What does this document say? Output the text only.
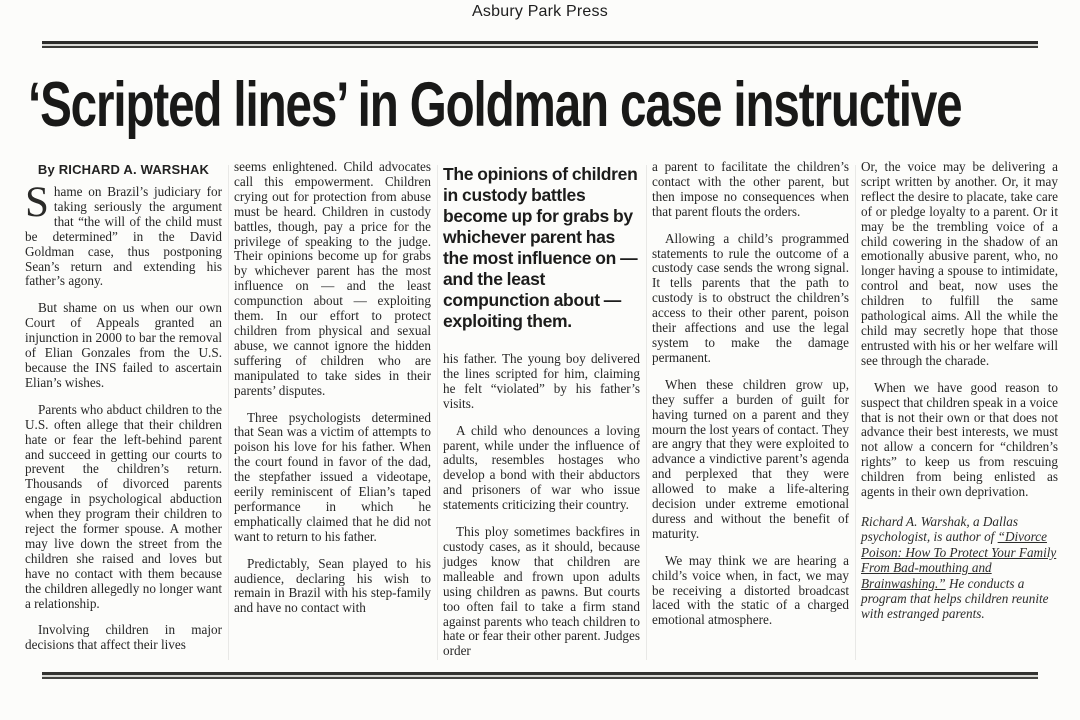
Asbury Park Press
‘Scripted lines’ in Goldman case instructive
By RICHARD A. WARSHAK

Shame on Brazil’s judiciary for taking seriously the argument that “the will of the child must be determined” in the David Goldman case, thus postponing Sean’s return and extending his father’s agony.

But shame on us when our own Court of Appeals granted an injunction in 2000 to bar the removal of Elian Gonzales from the U.S. because the INS failed to ascertain Elian’s wishes.

Parents who abduct children to the U.S. often allege that their children hate or fear the left-behind parent and succeed in getting our courts to prevent the children’s return. Thousands of divorced parents engage in psychological abduction when they program their children to reject the former spouse. A mother may live down the street from the children she raised and loves but have no contact with them because the children allegedly no longer want a relationship.

Involving children in major decisions that affect their lives

seems enlightened. Child advocates call this empowerment. Children crying out for protection from abuse must be heard. Children in custody battles, though, pay a price for the privilege of speaking to the judge. Their opinions become up for grabs by whichever parent has the most influence on — and the least compunction about — exploiting them. In our effort to protect children from physical and sexual abuse, we cannot ignore the hidden suffering of children who are manipulated to take sides in their parents’ disputes.

Three psychologists determined that Sean was a victim of attempts to poison his love for his father. When the court found in favor of the dad, the stepfather issued a videotape, eerily reminiscent of Elian’s taped performance in which he emphatically claimed that he did not want to return to his father.

Predictably, Sean played to his audience, declaring his wish to remain in Brazil with his step-family and have no contact with

The opinions of children in custody battles become up for grabs by whichever parent has the most influence on — and the least compunction about — exploiting them.

his father. The young boy delivered the lines scripted for him, claiming he felt “violated” by his father’s visits.

A child who denounces a loving parent, while under the influence of adults, resembles hostages who develop a bond with their abductors and prisoners of war who issue statements criticizing their country.

This ploy sometimes backfires in custody cases, as it should, because judges know that children are malleable and frown upon adults using children as pawns. But courts too often fail to take a firm stand against parents who teach children to hate or fear their other parent. Judges order

a parent to facilitate the children’s contact with the other parent, but then impose no consequences when that parent flouts the orders.

Allowing a child’s programmed statements to rule the outcome of a custody case sends the wrong signal. It tells parents that the path to custody is to obstruct the children’s access to their other parent, poison their affections and use the legal system to make the damage permanent.

When these children grow up, they suffer a burden of guilt for having turned on a parent and they mourn the lost years of contact. They are angry that they were exploited to advance a vindictive parent’s agenda and perplexed that they were allowed to make a life-altering decision under extreme emotional duress and without the benefit of maturity.

We may think we are hearing a child’s voice when, in fact, we may be receiving a distorted broadcast laced with the static of a charged emotional atmosphere.

Or, the voice may be delivering a script written by another. Or, it may reflect the desire to placate, take care of or pledge loyalty to a parent. Or it may be the trembling voice of a child cowering in the shadow of an emotionally abusive parent, who, no longer having a spouse to intimidate, control and beat, now uses the children to fulfill the same pathological aims. All the while the child may secretly hope that those entrusted with his or her welfare will see through the charade.

When we have good reason to suspect that children speak in a voice that is not their own or that does not advance their best interests, we must not allow a concern for “children’s rights” to keep us from rescuing children from being enlisted as agents in their own deprivation.

Richard A. Warshak, a Dallas psychologist, is author of “Divorce Poison: How To Protect Your Family From Bad-mouthing and Brainwashing.” He conducts a program that helps children reunite with estranged parents.
